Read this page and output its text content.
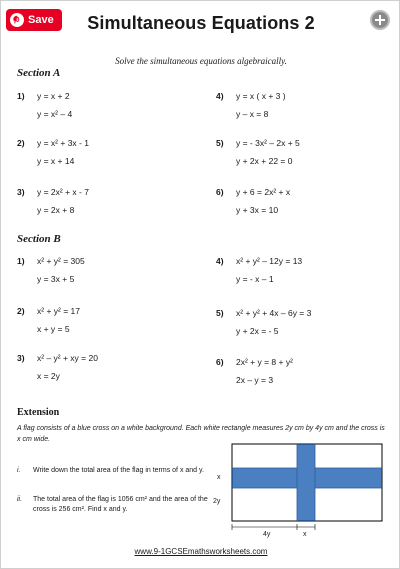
Save	Simultaneous Equations 2
Solve the simultaneous equations algebraically.
Section A
1) y = x + 2
y = x² – 4
2) y = x² + 3x - 1
y = x + 14
3) y = 2x² + x - 7
y = 2x + 8
4) y = x ( x + 3 )
y – x = 8
5) y = - 3x² – 2x + 5
y + 2x + 22 = 0
6) y + 6 = 2x² + x
y + 3x = 10
Section B
1) x² + y² = 305
y = 3x + 5
2) x² + y² = 17
x + y = 5
3) x² – y² + xy = 20
x = 2y
4) x² + y² – 12y = 13
y = - x – 1
5) x² + y² + 4x – 6y = 3
y + 2x = - 5
6) 2x² + y = 8 + y²
2x – y = 3
Extension
A flag consists of a blue cross on a white background. Each white rectangle measures 2y cm by 4y cm and the cross is x cm wide.
i. Write down the total area of the flag in terms of x and y.
ii. The total area of the flag is 1056 cm² and the area of the cross is 256 cm². Find x and y.
x
2y
4y	x
www.9-1GCSEmathsworksheets.com
